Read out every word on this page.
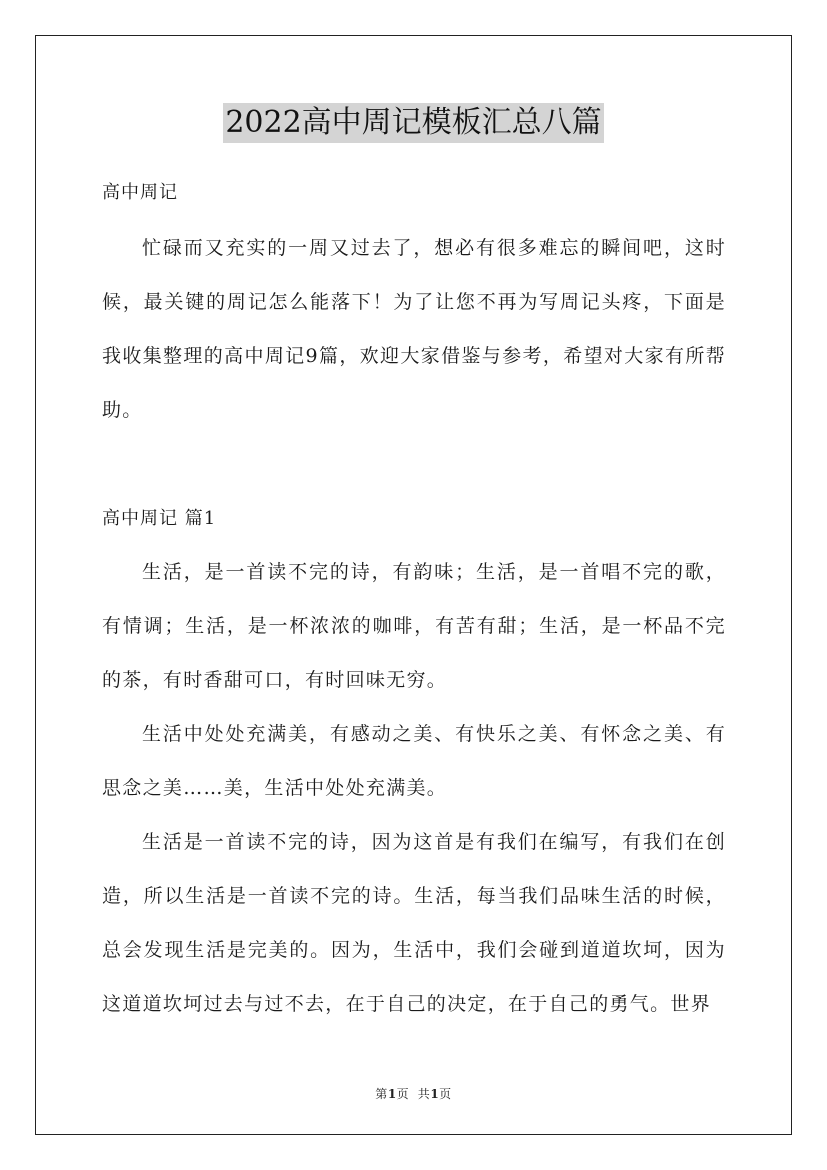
2022高中周记模板汇总八篇
高中周记

忙碌而又充实的一周又过去了，想必有很多难忘的瞬间吧，这时候，最关键的周记怎么能落下！为了让您不再为写周记头疼，下面是我收集整理的高中周记9篇，欢迎大家借鉴与参考，希望对大家有所帮助。

高中周记 篇1

生活，是一首读不完的诗，有韵味；生活，是一首唱不完的歌，有情调；生活，是一杯浓浓的咖啡，有苦有甜；生活，是一杯品不完的茶，有时香甜可口，有时回味无穷。

生活中处处充满美，有感动之美、有快乐之美、有怀念之美、有思念之美……美，生活中处处充满美。

生活是一首读不完的诗，因为这首是有我们在编写，有我们在创造，所以生活是一首读不完的诗。生活，每当我们品味生活的时候，总会发现生活是完美的。因为，生活中，我们会碰到道道坎坷，因为这道道坎坷过去与过不去，在于自己的决定，在于自己的勇气。世界

第1页  共1页
